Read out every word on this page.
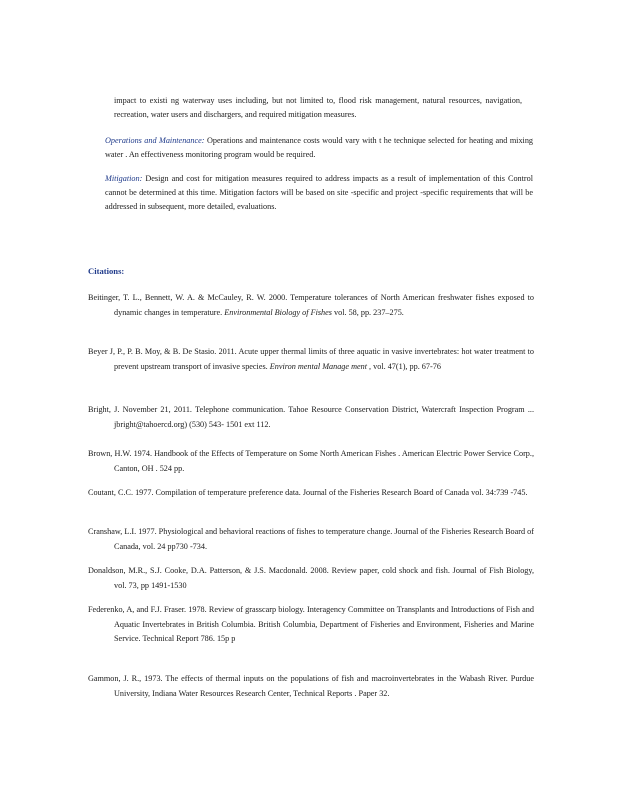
impact to existi ng waterway uses including, but not limited to, flood risk management, natural resources, navigation, recreation, water users and dischargers, and required mitigation measures.

Operations and Maintenance: Operations and maintenance costs would vary with t he technique selected for heating and mixing water . An effectiveness monitoring program would be required.

Mitigation: Design and cost for mitigation measures required to address impacts as a result of implementation of this Control cannot be determined at this time. Mitigation factors will be based on site -specific and project -specific requirements that will be addressed in subsequent, more detailed, evaluations.

Citations:

Beitinger, T. L., Bennett, W. A. & McCauley, R. W. 2000. Temperature tolerances of North American freshwater fishes exposed to dynamic changes in temperature. Environmental Biology of Fishes vol. 58, pp. 237–275.

Beyer J, P., P. B. Moy, & B. De Stasio. 2011. Acute upper thermal limits of three aquatic in vasive invertebrates: hot water treatment to prevent upstream transport of invasive species. Environ mental Manage ment , vol. 47(1), pp. 67-76

Bright, J. November 21, 2011. Telephone communication. Tahoe Resource Conservation District, Watercraft Inspection Program ... jbright@tahoercd.org) (530) 543- 1501 ext 112.

Brown, H.W. 1974. Handbook of the Effects of Temperature on Some North American Fishes . American Electric Power Service Corp., Canton, OH . 524 pp.

Coutant, C.C. 1977. Compilation of temperature preference data. Journal of the Fisheries Research Board of Canada vol. 34:739 -745.

Cranshaw, L.I. 1977. Physiological and behavioral reactions of fishes to temperature change. Journal of the Fisheries Research Board of Canada, vol. 24 pp730 -734.

Donaldson, M.R., S.J. Cooke, D.A. Patterson, & J.S. Macdonald. 2008. Review paper, cold shock and fish. Journal of Fish Biology, vol. 73, pp 1491-1530

Federenko, A, and F.J. Fraser. 1978. Review of grasscarp biology. Interagency Committee on Transplants and Introductions of Fish and Aquatic Invertebrates in British Columbia. British Columbia, Department of Fisheries and Environment, Fisheries and Marine Service. Technical Report 786. 15p p

Gammon, J. R., 1973. The effects of thermal inputs on the populations of fish and macroinvertebrates in the Wabash River. Purdue University, Indiana Water Resources Research Center, Technical Reports . Paper 32.
